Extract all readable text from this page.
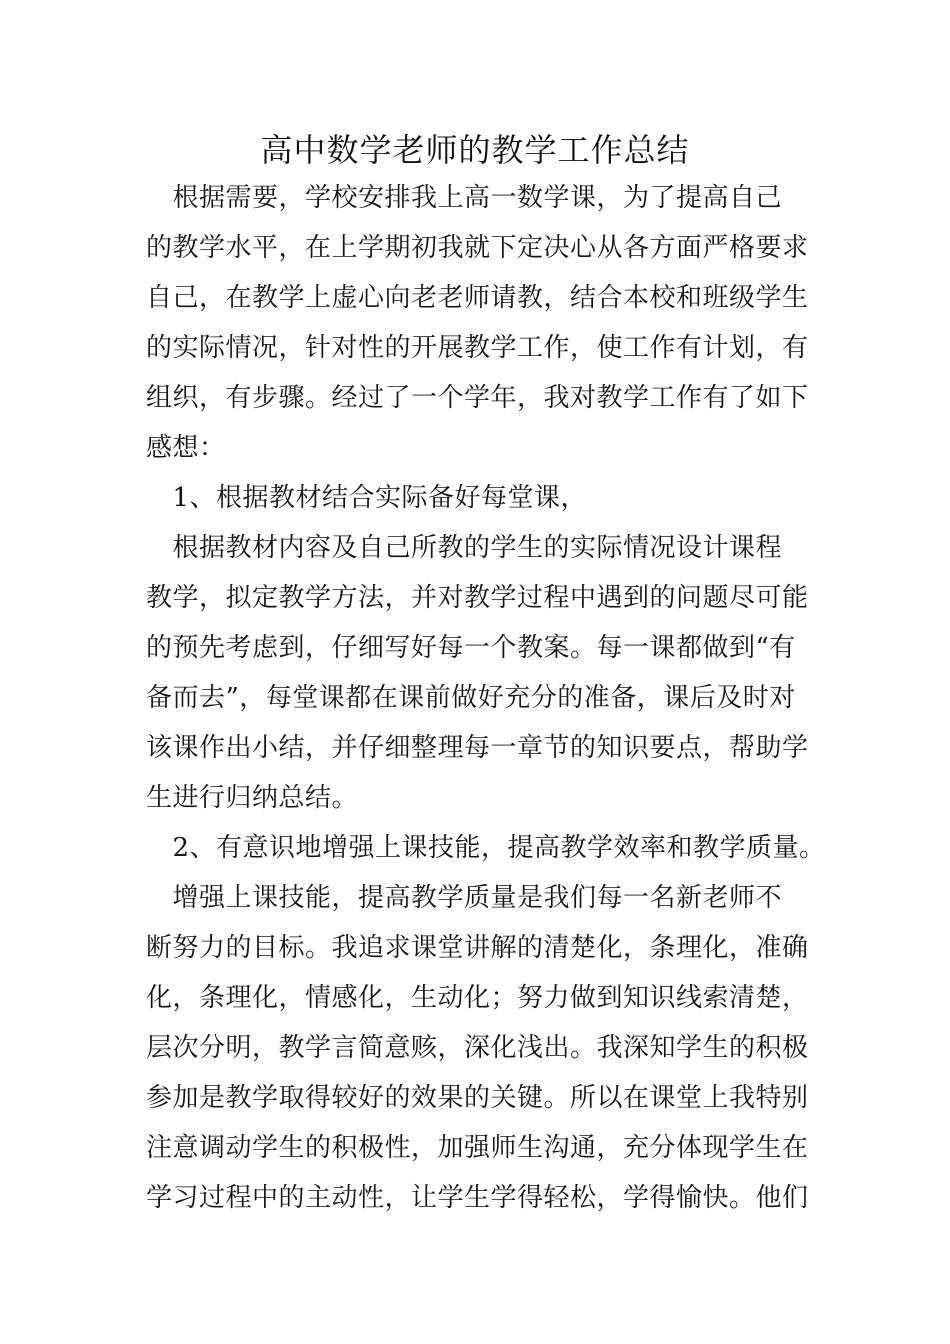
高中数学老师的教学工作总结
　根据需要，学校安排我上高一数学课，为了提高自己
的教学水平，在上学期初我就下定决心从各方面严格要求
自己，在教学上虚心向老老师请教，结合本校和班级学生
的实际情况，针对性的开展教学工作，使工作有计划，有
组织，有步骤。经过了一个学年，我对教学工作有了如下
感想：
　1、根据教材结合实际备好每堂课，
　根据教材内容及自己所教的学生的实际情况设计课程
教学，拟定教学方法，并对教学过程中遇到的问题尽可能
的预先考虑到，仔细写好每一个教案。每一课都做到“有
备而去”，每堂课都在课前做好充分的准备，课后及时对
该课作出小结，并仔细整理每一章节的知识要点，帮助学
生进行归纳总结。
　2、有意识地增强上课技能，提高教学效率和教学质量。
　增强上课技能，提高教学质量是我们每一名新老师不
断努力的目标。我追求课堂讲解的清楚化，条理化，准确
化，条理化，情感化，生动化；努力做到知识线索清楚，
层次分明，教学言简意赅，深化浅出。我深知学生的积极
参加是教学取得较好的效果的关键。所以在课堂上我特别
注意调动学生的积极性，加强师生沟通，充分体现学生在
学习过程中的主动性，让学生学得轻松，学得愉快。他们
